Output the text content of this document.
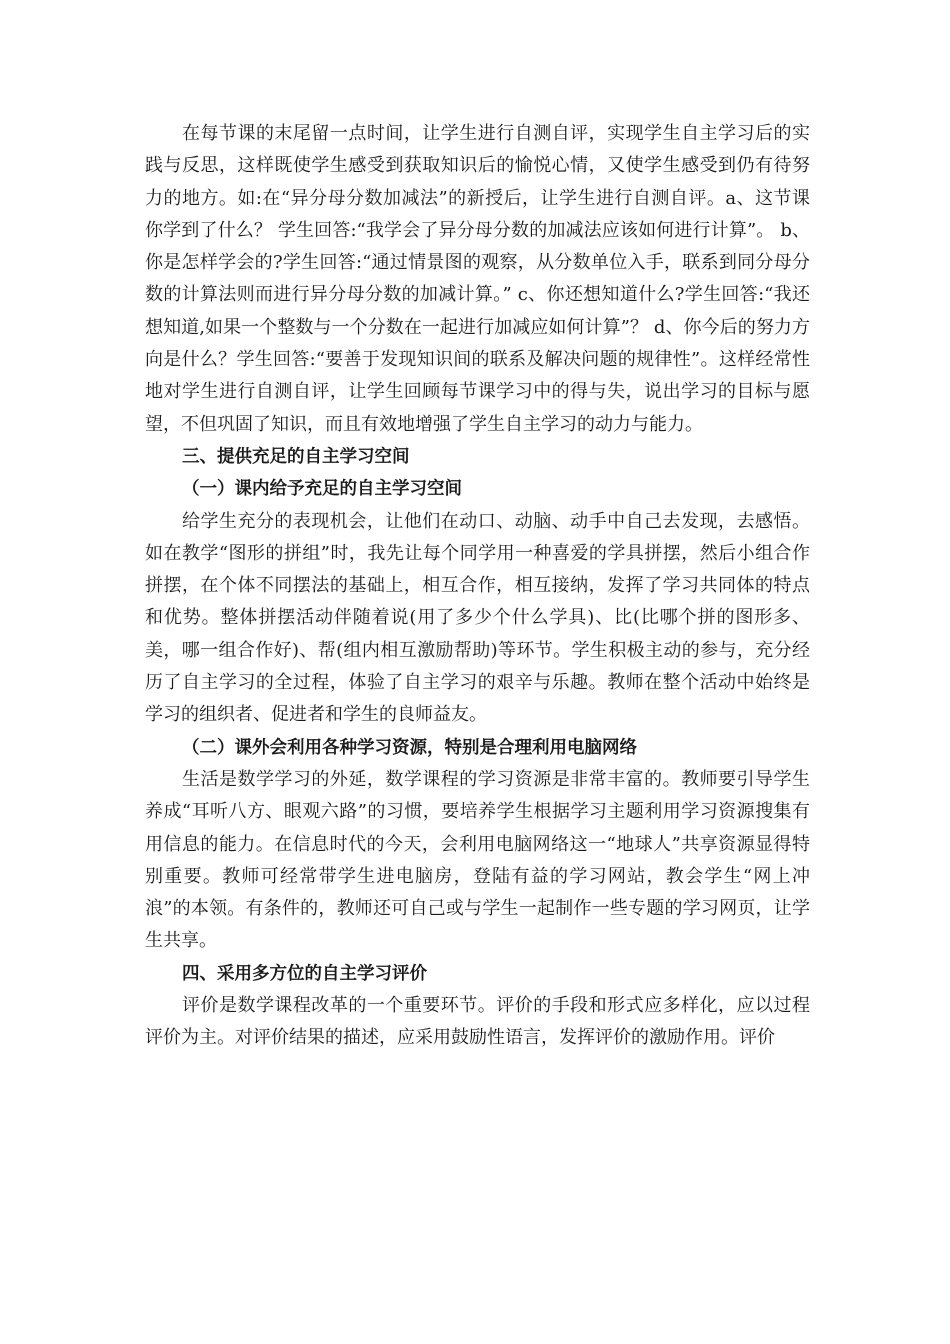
在每节课的末尾留一点时间，让学生进行自测自评，实现学生自主学习后的实践与反思，这样既使学生感受到获取知识后的愉悦心情，又使学生感受到仍有待努力的地方。如:在“异分母分数加减法”的新授后，让学生进行自测自评。a、这节课你学到了什么？ 学生回答:“我学会了异分母分数的加减法应该如何进行计算”。 b、你是怎样学会的?学生回答:“通过情景图的观察，从分数单位入手，联系到同分母分数的计算法则而进行异分母分数的加减计算。” c、你还想知道什么?学生回答:“我还想知道,如果一个整数与一个分数在一起进行加减应如何计算”？ d、你今后的努力方向是什么？学生回答:“要善于发现知识间的联系及解决问题的规律性”。这样经常性地对学生进行自测自评，让学生回顾每节课学习中的得与失，说出学习的目标与愿望，不但巩固了知识，而且有效地增强了学生自主学习的动力与能力。

三、提供充足的自主学习空间

（一）课内给予充足的自主学习空间

给学生充分的表现机会，让他们在动口、动脑、动手中自己去发现，去感悟。如在教学“图形的拼组”时，我先让每个同学用一种喜爱的学具拼摆，然后小组合作拼摆，在个体不同摆法的基础上，相互合作，相互接纳，发挥了学习共同体的特点和优势。整体拼摆活动伴随着说(用了多少个什么学具)、比(比哪个拼的图形多、美，哪一组合作好)、帮(组内相互激励帮助)等环节。学生积极主动的参与，充分经历了自主学习的全过程，体验了自主学习的艰辛与乐趣。教师在整个活动中始终是学习的组织者、促进者和学生的良师益友。

（二）课外会利用各种学习资源，特别是合理利用电脑网络

生活是数学学习的外延，数学课程的学习资源是非常丰富的。教师要引导学生养成“耳听八方、眼观六路”的习惯，要培养学生根据学习主题利用学习资源搜集有用信息的能力。在信息时代的今天，会利用电脑网络这一“地球人”共享资源显得特别重要。教师可经常带学生进电脑房，登陆有益的学习网站，教会学生“网上冲浪”的本领。有条件的，教师还可自己或与学生一起制作一些专题的学习网页，让学生共享。

四、采用多方位的自主学习评价

评价是数学课程改革的一个重要环节。评价的手段和形式应多样化，应以过程评价为主。对评价结果的描述，应采用鼓励性语言，发挥评价的激励作用。评价
